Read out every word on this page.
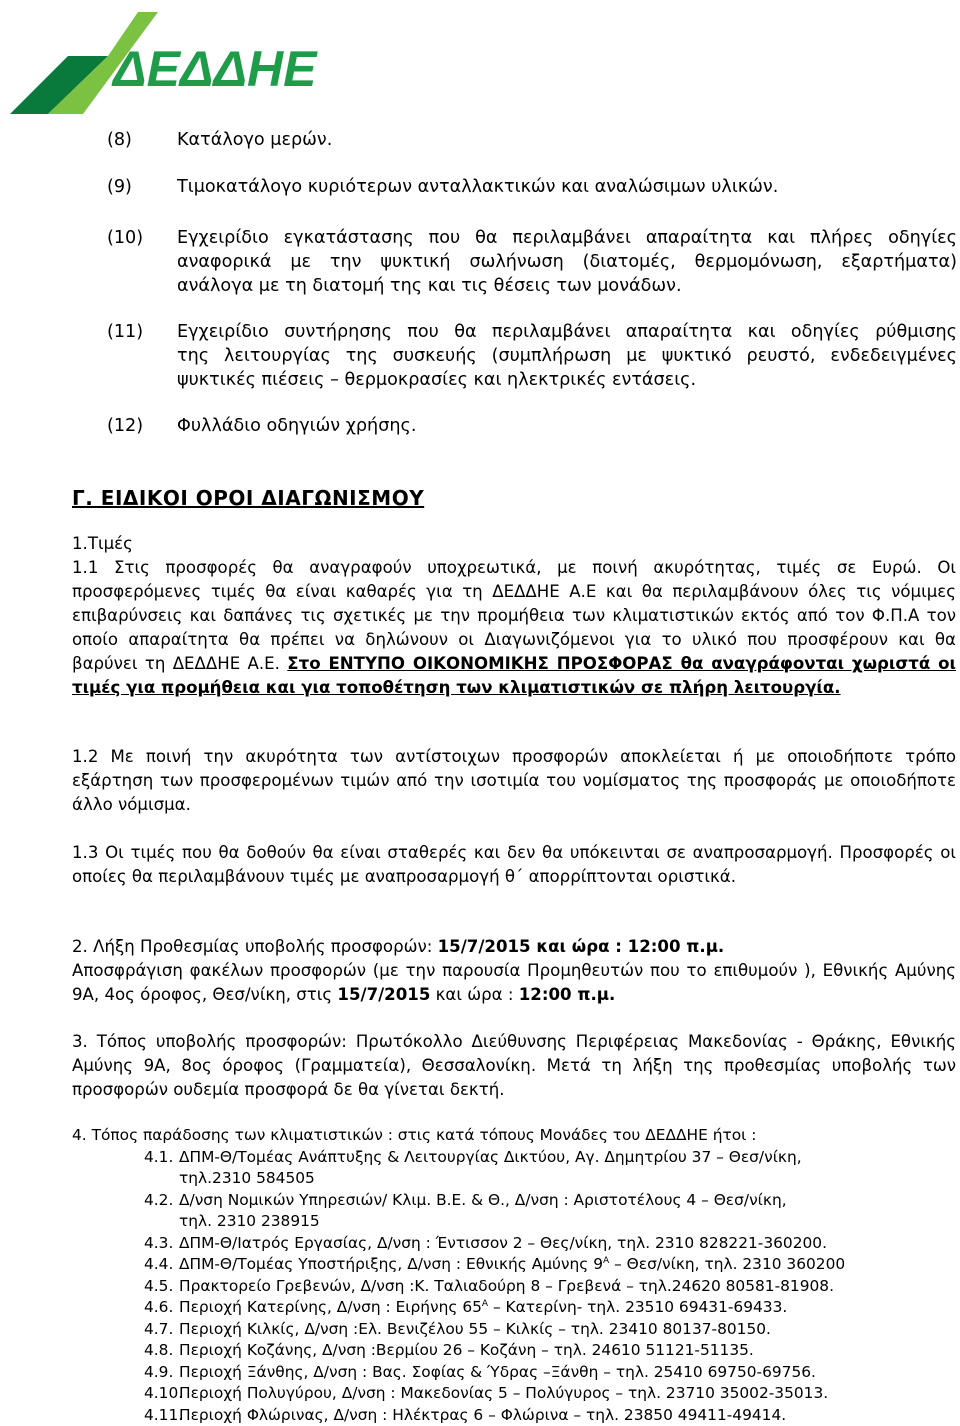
ΔΕΔΔΗΕ
(8)	Κατάλογο μερών.
(9)	Τιμοκατάλογο κυριότερων ανταλλακτικών και αναλώσιμων υλικών.
(10)	Εγχειρίδιο εγκατάστασης που θα περιλαμβάνει απαραίτητα και πλήρες οδηγίες
αναφορικά με την ψυκτική σωλήνωση (διατομές, θερμομόνωση, εξαρτήματα)
ανάλογα με τη διατομή της και τις θέσεις των μονάδων.
(11)	Εγχειρίδιο συντήρησης που θα περιλαμβάνει απαραίτητα και οδηγίες ρύθμισης
της λειτουργίας της συσκευής (συμπλήρωση με ψυκτικό ρευστό, ενδεδειγμένες
ψυκτικές πιέσεις – θερμοκρασίες και ηλεκτρικές εντάσεις.
(12)	Φυλλάδιο οδηγιών χρήσης.
Γ. ΕΙΔΙΚΟΙ ΟΡΟΙ ΔΙΑΓΩΝΙΣΜΟΥ
1.Τιμές
1.1 Στις προσφορές θα αναγραφούν υποχρεωτικά, με ποινή ακυρότητας, τιμές σε Ευρώ. Οι προσφερόμενες τιμές θα είναι καθαρές για τη ΔΕΔΔΗΕ Α.Ε και θα περιλαμβάνουν όλες τις νόμιμες επιβαρύνσεις και δαπάνες τις σχετικές με την προμήθεια των κλιματιστικών εκτός από τον Φ.Π.Α τον οποίο απαραίτητα θα πρέπει να δηλώνουν οι Διαγωνιζόμενοι για το υλικό που προσφέρουν και θα βαρύνει τη ΔΕΔΔΗΕ Α.Ε. Στο ΕΝΤΥΠΟ ΟΙΚΟΝΟΜΙΚΗΣ ΠΡΟΣΦΟΡΑΣ θα αναγράφονται χωριστά οι τιμές για προμήθεια και για τοποθέτηση των κλιματιστικών σε πλήρη λειτουργία.
1.2 Με ποινή την ακυρότητα των αντίστοιχων προσφορών αποκλείεται ή με οποιοδήποτε τρόπο εξάρτηση των προσφερομένων τιμών από την ισοτιμία του νομίσματος της προσφοράς με οποιοδήποτε άλλο νόμισμα.
1.3 Οι τιμές που θα δοθούν θα είναι σταθερές και δεν θα υπόκεινται σε αναπροσαρμογή. Προσφορές οι οποίες θα περιλαμβάνουν τιμές με αναπροσαρμογή θ΄ απορρίπτονται οριστικά.
2. Λήξη Προθεσμίας υποβολής προσφορών: 15/7/2015 και ώρα : 12:00 π.μ.
Αποσφράγιση φακέλων προσφορών (με την παρουσία Προμηθευτών που το επιθυμούν ), Εθνικής Αμύνης 9Α, 4ος όροφος, Θεσ/νίκη, στις 15/7/2015 και ώρα : 12:00 π.μ.
3. Τόπος υποβολής προσφορών: Πρωτόκολλο Διεύθυνσης Περιφέρειας Μακεδονίας - Θράκης, Εθνικής Αμύνης 9Α, 8ος όροφος (Γραμματεία), Θεσσαλονίκη. Μετά τη λήξη της προθεσμίας υποβολής των προσφορών ουδεμία προσφορά δε θα γίνεται δεκτή.
4. Τόπος παράδοσης των κλιματιστικών : στις κατά τόπους Μονάδες του ΔΕΔΔΗΕ ήτοι :
4.1. ΔΠΜ-Θ/Τομέας Ανάπτυξης & Λειτουργίας Δικτύου, Αγ. Δημητρίου 37 – Θεσ/νίκη,
τηλ.2310 584505
4.2. Δ/νση Νομικών Υπηρεσιών/ Κλιμ. Β.Ε. & Θ., Δ/νση : Αριστοτέλους 4 – Θεσ/νίκη,
τηλ. 2310 238915
4.3. ΔΠΜ-Θ/Ιατρός Εργασίας, Δ/νση : Έντισσον 2 – Θες/νίκη, τηλ. 2310 828221-360200.
4.4. ΔΠΜ-Θ/Τομέας Υποστήριξης, Δ/νση : Εθνικής Αμύνης $9^A - \Theta\varepsilon\sigma/\nu ί\kappa\eta$, τηλ. 2310 360200
4.5. Πρακτορείο Γρεβενών, Δ/νση :Κ. Ταλιαδούρη 8 – Γρεβενά – τηλ.24620 80581-81908.
4.6. Περιοχή Κατερίνης, Δ/νση : Ειρήνης $65^A - K\alpha\tau\varepsilon\rho ί\nu\eta-$ τηλ. 23510 69431-69433.
4.7. Περιοχή Κιλκίς, Δ/νση :Ελ. Βενιζέλου 55 – Κιλκίς – τηλ. 23410 80137-80150.
4.8. Περιοχή Κοζάνης, Δ/νση :Βερμίου 26 – Κοζάνη – τηλ. 24610 51121-51135.
4.9. Περιοχή Ξάνθης, Δ/νση : Βας. Σοφίας & Ύδρας –Ξάνθη – τηλ. 25410 69750-69756.
4.10.
Περιοχή Πολυγύρου, Δ/νση : Μακεδονίας 5 – Πολύγυρος – τηλ. 23710 35002-35013.
4.11.
Περιοχή Φλώρινας, Δ/νση : Ηλέκτρας 6 – Φλώρινα – τηλ. 23850 49411-49414.
